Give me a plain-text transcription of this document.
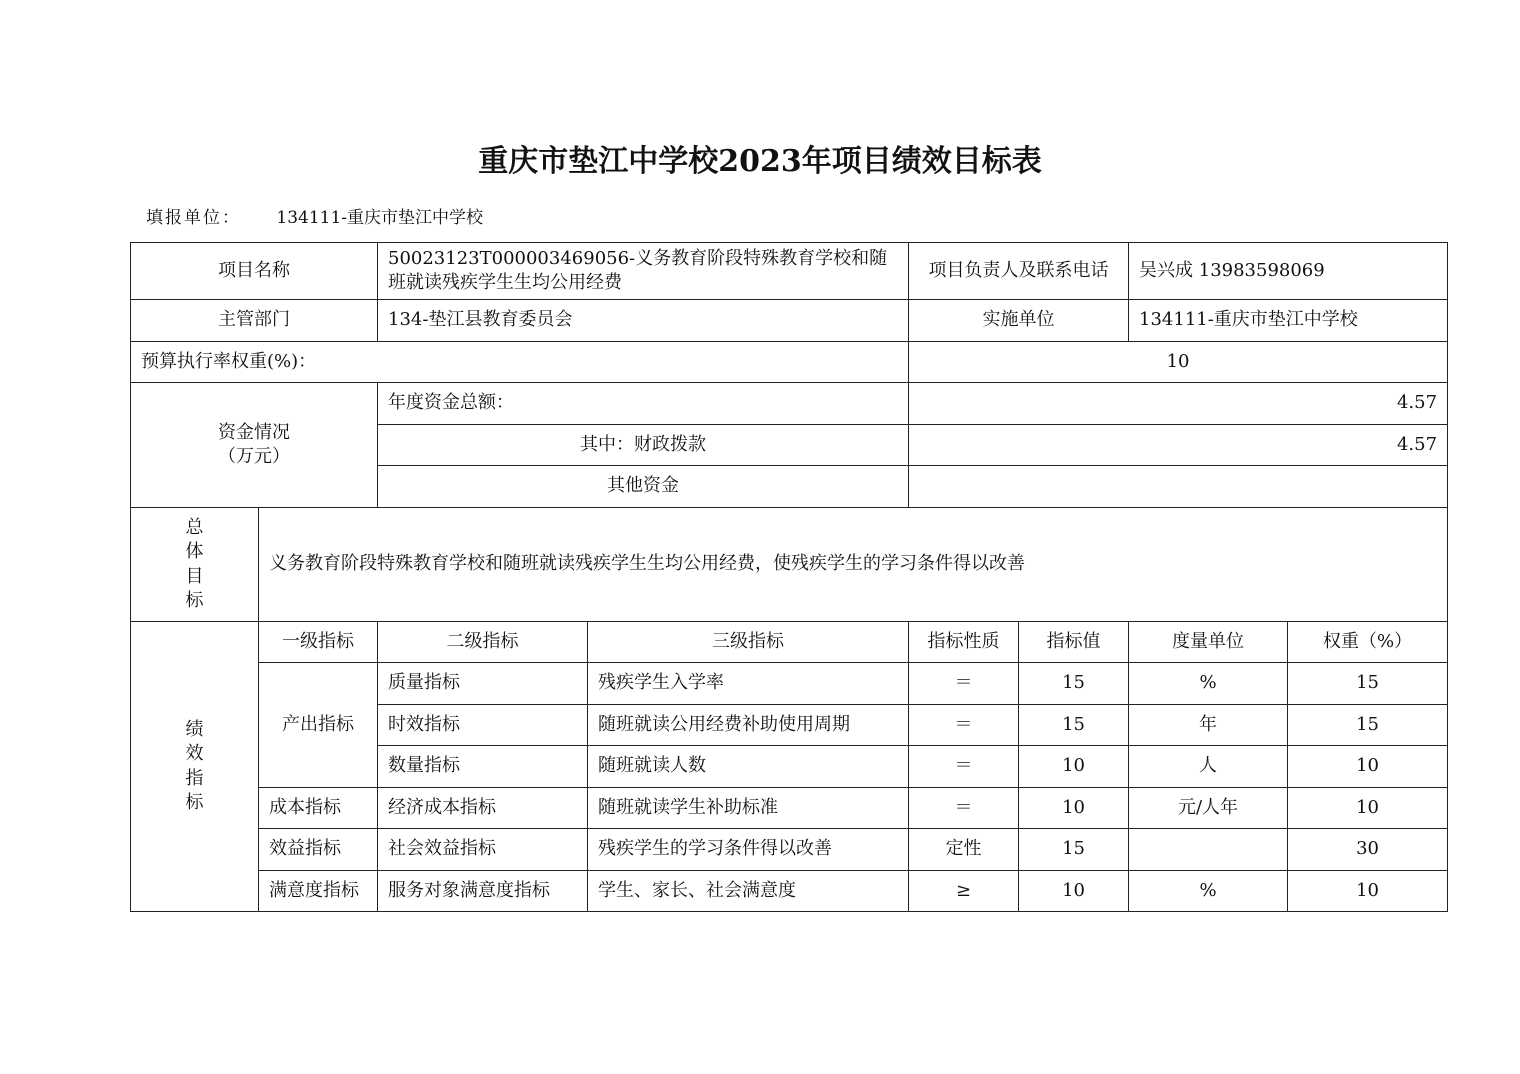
重庆市垫江中学校2023年项目绩效目标表
填报单位： 134111-重庆市垫江中学校
项目名称		50023123T000003469056-义务教育阶段特殊教育学校和随班就读残疾学生生均公用经费		项目负责人及联系电话		吴兴成 13983598069	
主管部门		134-垫江县教育委员会		实施单位		134111-重庆市垫江中学校	
预算执行率权重(%)：				10			

资金情况
（万元）		年度资金总额：		4.57			
		其中：财政拨款		4.57			
		其他资金					

总
体
目
标	义务教育阶段特殊教育学校和随班就读残疾学生生均公用经费，使残疾学生的学习条件得以改善						

绩
效
指
标	一级指标	二级指标	三级指标	指标性质	指标值	度量单位	权重（%）
	产出指标	质量指标	残疾学生入学率	＝	15	%	15
		时效指标	随班就读公用经费补助使用周期	＝	15	年	15
		数量指标	随班就读人数	＝	10	人	10
	成本指标	经济成本指标	随班就读学生补助标准	＝	10	元/人年	10
	效益指标	社会效益指标	残疾学生的学习条件得以改善	定性	15		30
	满意度指标	服务对象满意度指标	学生、家长、社会满意度	≥	10	%	10
